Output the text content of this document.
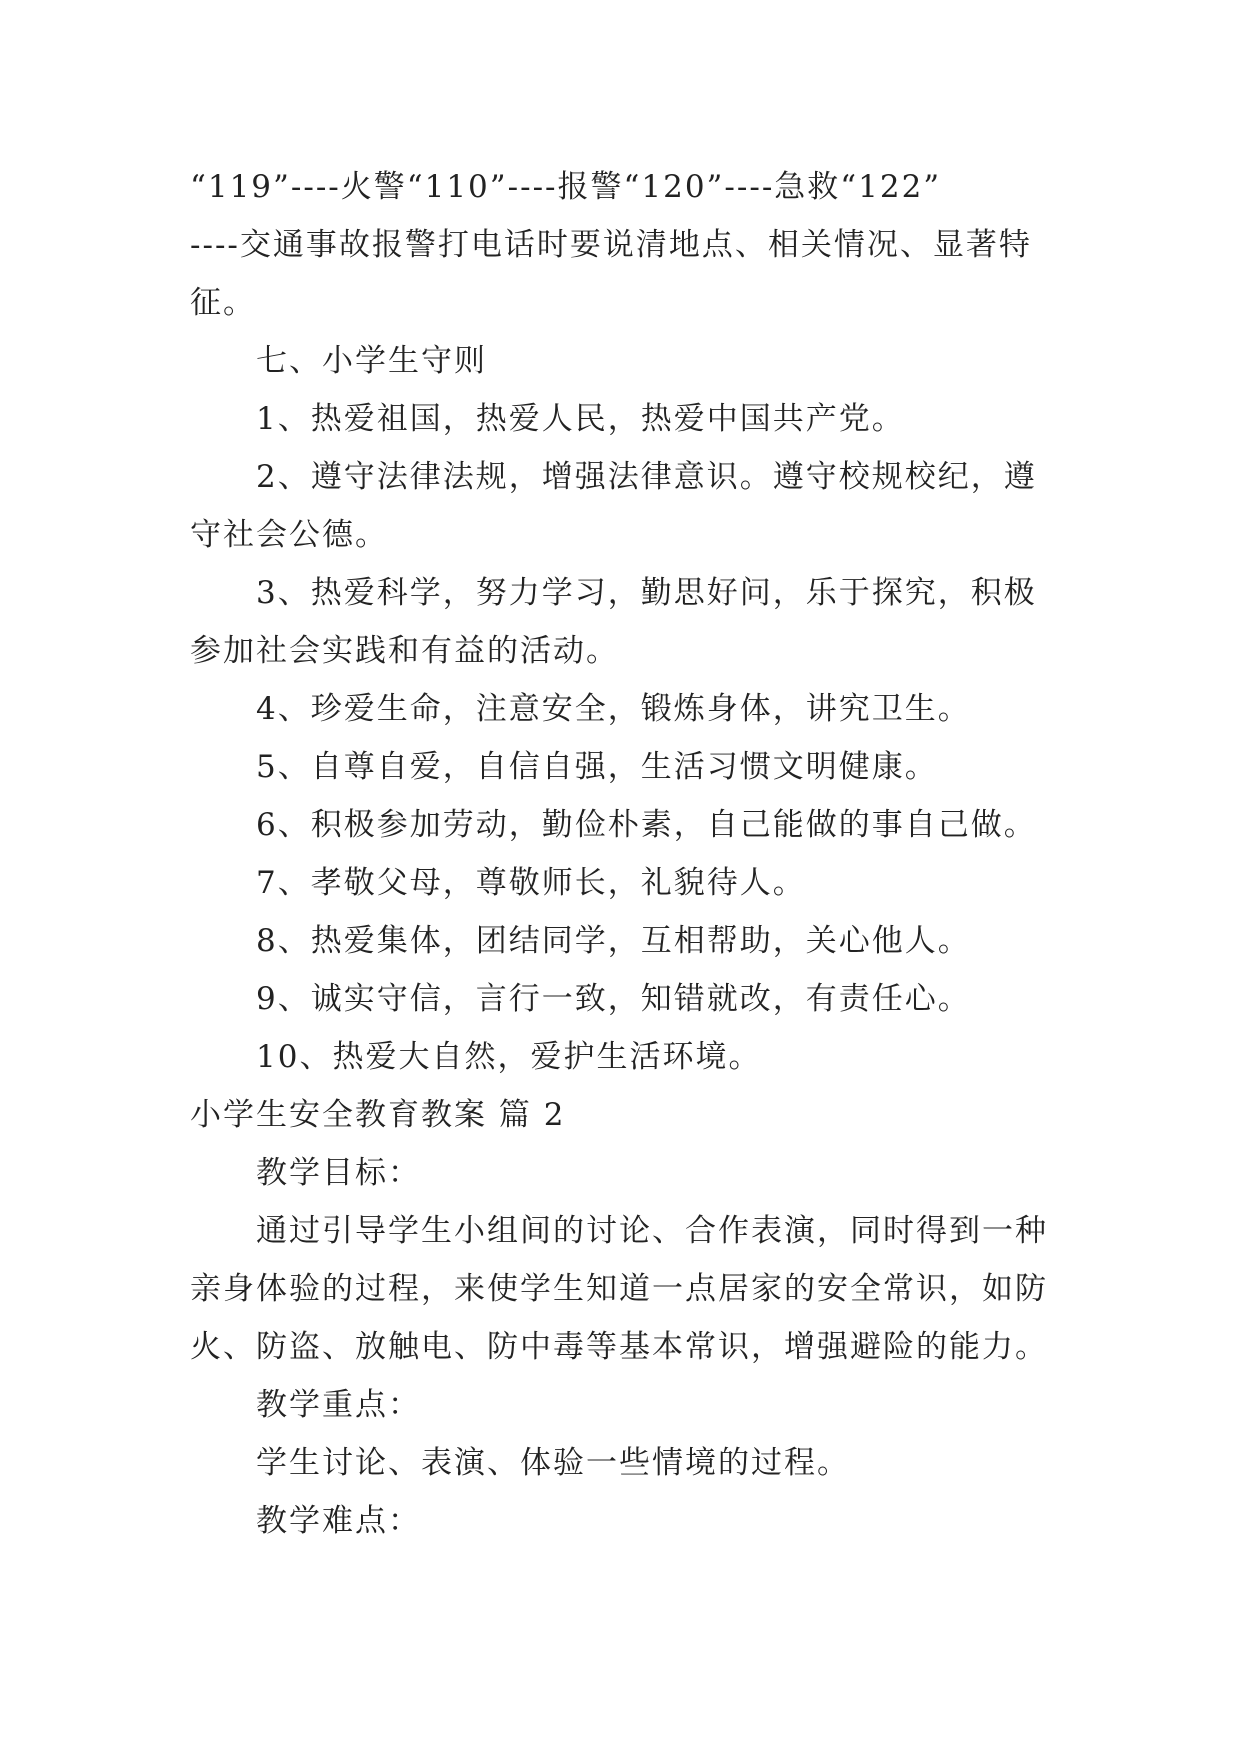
“119”----火警“110”----报警“120”----急救“122”
----交通事故报警打电话时要说清地点、相关情况、显著特
征。
七、小学生守则
1、热爱祖国，热爱人民，热爱中国共产党。
2、遵守法律法规，增强法律意识。遵守校规校纪，遵
守社会公德。
3、热爱科学，努力学习，勤思好问，乐于探究，积极
参加社会实践和有益的活动。
4、珍爱生命，注意安全，锻炼身体，讲究卫生。
5、自尊自爱，自信自强，生活习惯文明健康。
6、积极参加劳动，勤俭朴素，自己能做的事自己做。
7、孝敬父母，尊敬师长，礼貌待人。
8、热爱集体，团结同学，互相帮助，关心他人。
9、诚实守信，言行一致，知错就改，有责任心。
10、热爱大自然，爱护生活环境。
小学生安全教育教案 篇 2
教学目标：
通过引导学生小组间的讨论、合作表演，同时得到一种
亲身体验的过程，来使学生知道一点居家的安全常识，如防
火、防盗、放触电、防中毒等基本常识，增强避险的能力。
教学重点：
学生讨论、表演、体验一些情境的过程。
教学难点：
